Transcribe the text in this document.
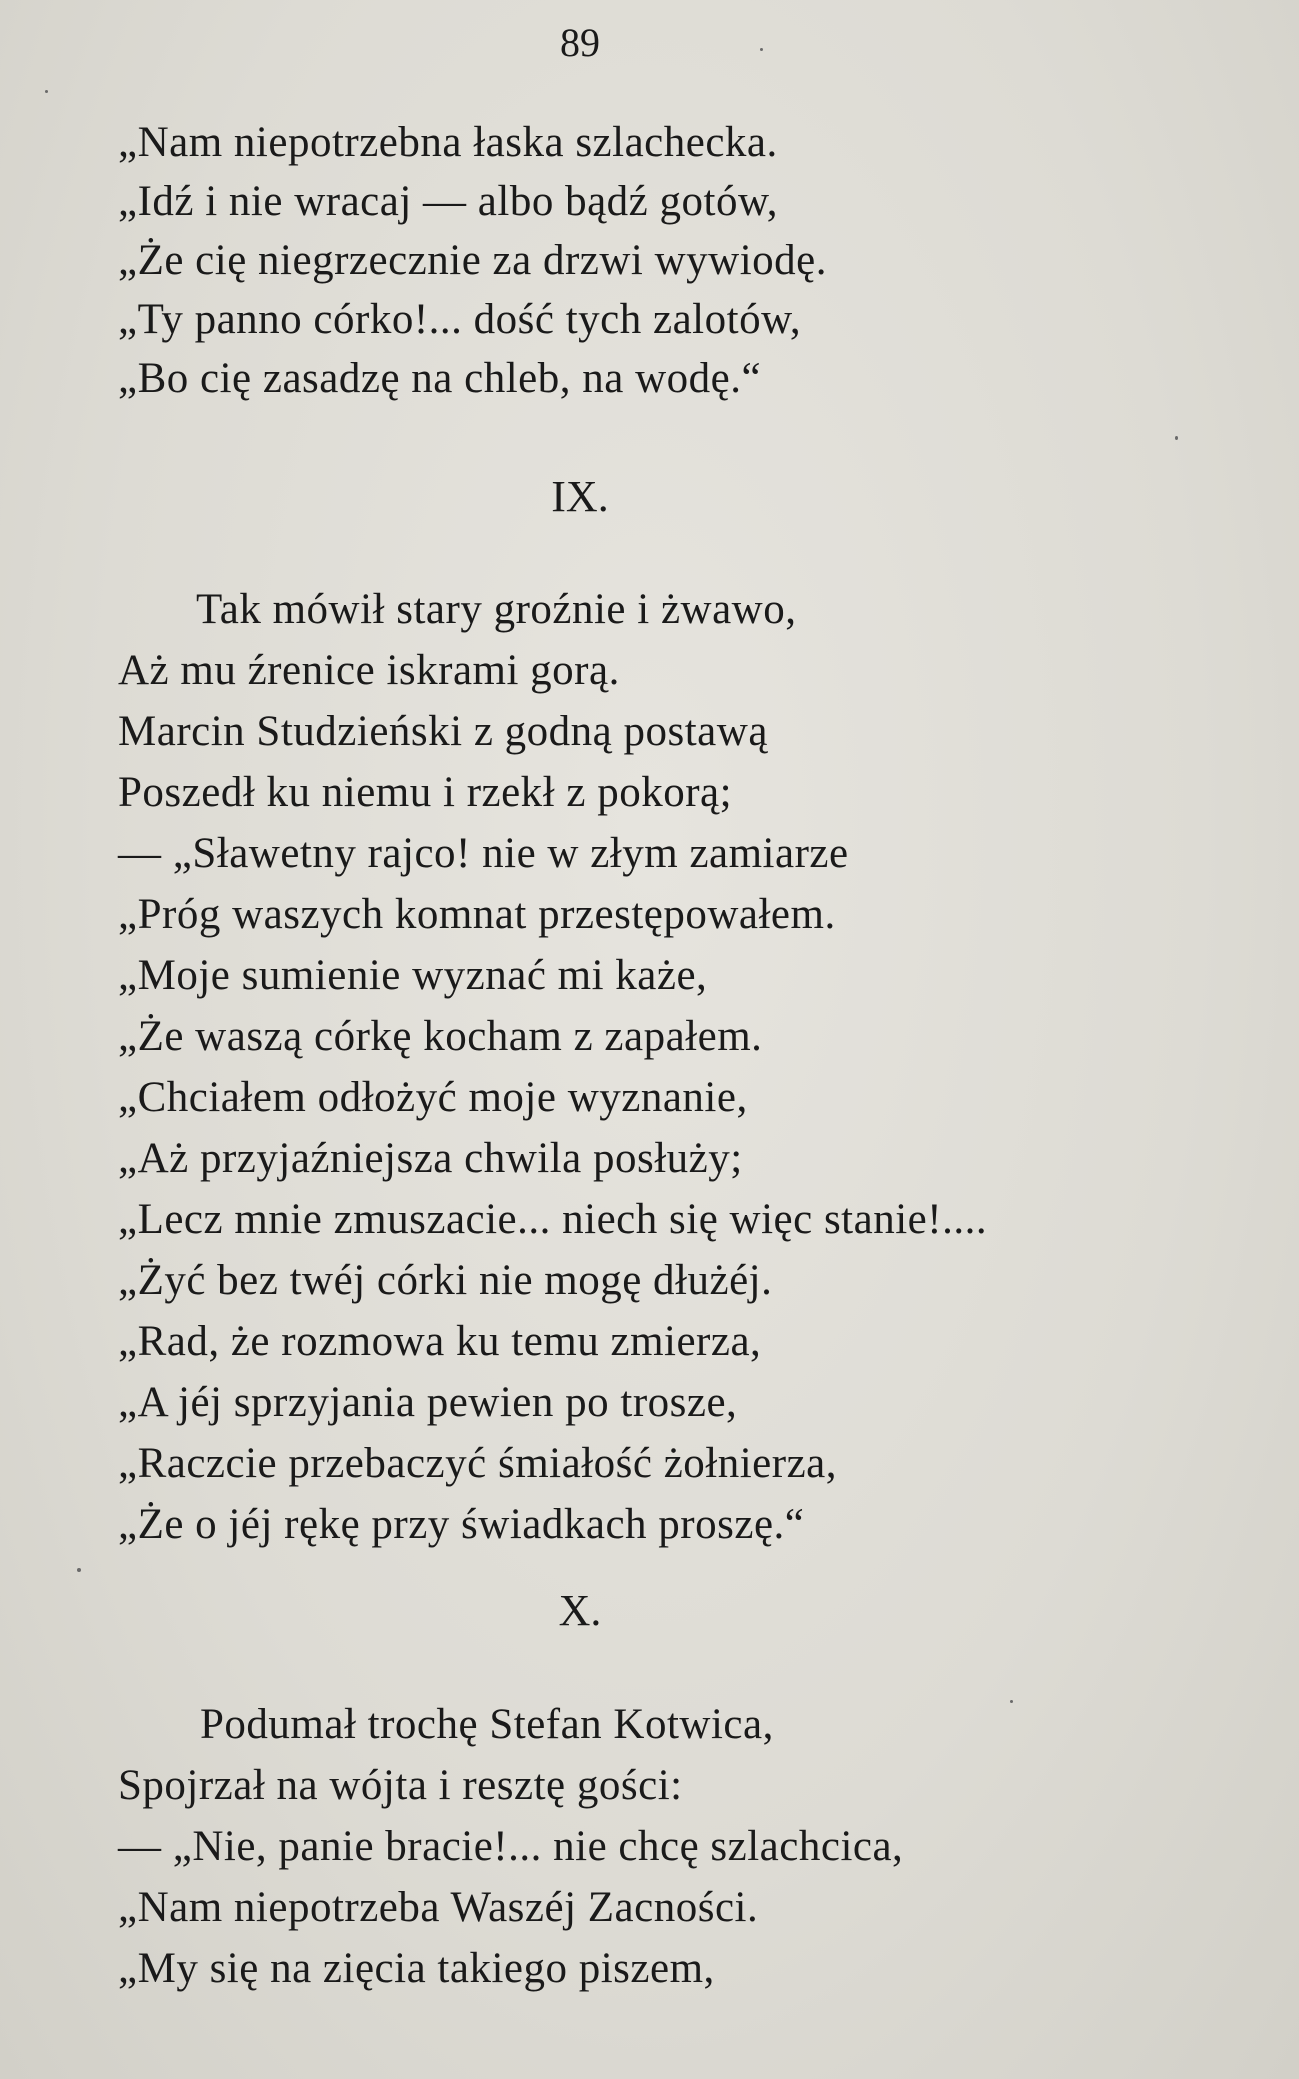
89
„Nam niepotrzebna łaska szlachecka.
„Idź i nie wracaj — albo bądź gotów,
„Że cię niegrzecznie za drzwi wywiodę.
„Ty panno córko!... dość tych zalotów,
„Bo cię zasadzę na chleb, na wodę.“
IX.
Tak mówił stary groźnie i żwawo,
Aż mu źrenice iskrami gorą.
Marcin Studzieński z godną postawą
Poszedł ku niemu i rzekł z pokorą;
— „Sławetny rajco! nie w złym zamiarze
„Próg waszych komnat przestępowałem.
„Moje sumienie wyznać mi każe,
„Że waszą córkę kocham z zapałem.
„Chciałem odłożyć moje wyznanie,
„Aż przyjaźniejsza chwila posłuży;
„Lecz mnie zmuszacie... niech się więc stanie!....
„Żyć bez twéj córki nie mogę dłużéj.
„Rad, że rozmowa ku temu zmierza,
„A jéj sprzyjania pewien po trosze,
„Raczcie przebaczyć śmiałość żołnierza,
„Że o jéj rękę przy świadkach proszę.“
X.
Podumał trochę Stefan Kotwica,
Spojrzał na wójta i resztę gości:
— „Nie, panie bracie!... nie chcę szlachcica,
„Nam niepotrzeba Waszéj Zacności.
„My się na zięcia takiego piszem,
